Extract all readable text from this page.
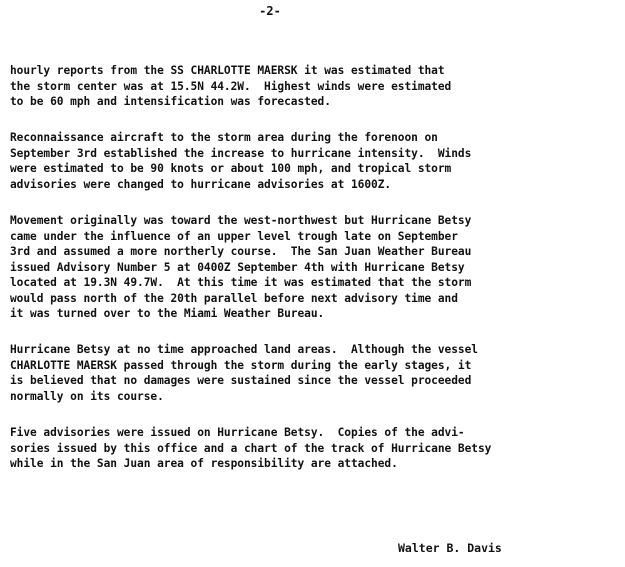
-2-
hourly reports from the SS CHARLOTTE MAERSK it was estimated that
the storm center was at 15.5N 44.2W.  Highest winds were estimated
to be 60 mph and intensification was forecasted.
Reconnaissance aircraft to the storm area during the forenoon on
September 3rd established the increase to hurricane intensity.  Winds
were estimated to be 90 knots or about 100 mph, and tropical storm
advisories were changed to hurricane advisories at 1600Z.
Movement originally was toward the west-northwest but Hurricane Betsy
came under the influence of an upper level trough late on September
3rd and assumed a more northerly course.  The San Juan Weather Bureau
issued Advisory Number 5 at 0400Z September 4th with Hurricane Betsy
located at 19.3N 49.7W.  At this time it was estimated that the storm
would pass north of the 20th parallel before next advisory time and
it was turned over to the Miami Weather Bureau.
Hurricane Betsy at no time approached land areas.  Although the vessel
CHARLOTTE MAERSK passed through the storm during the early stages, it
is believed that no damages were sustained since the vessel proceeded
normally on its course.
Five advisories were issued on Hurricane Betsy.  Copies of the advi-
sories issued by this office and a chart of the track of Hurricane Betsy
while in the San Juan area of responsibility are attached.
Walter B. Davis
